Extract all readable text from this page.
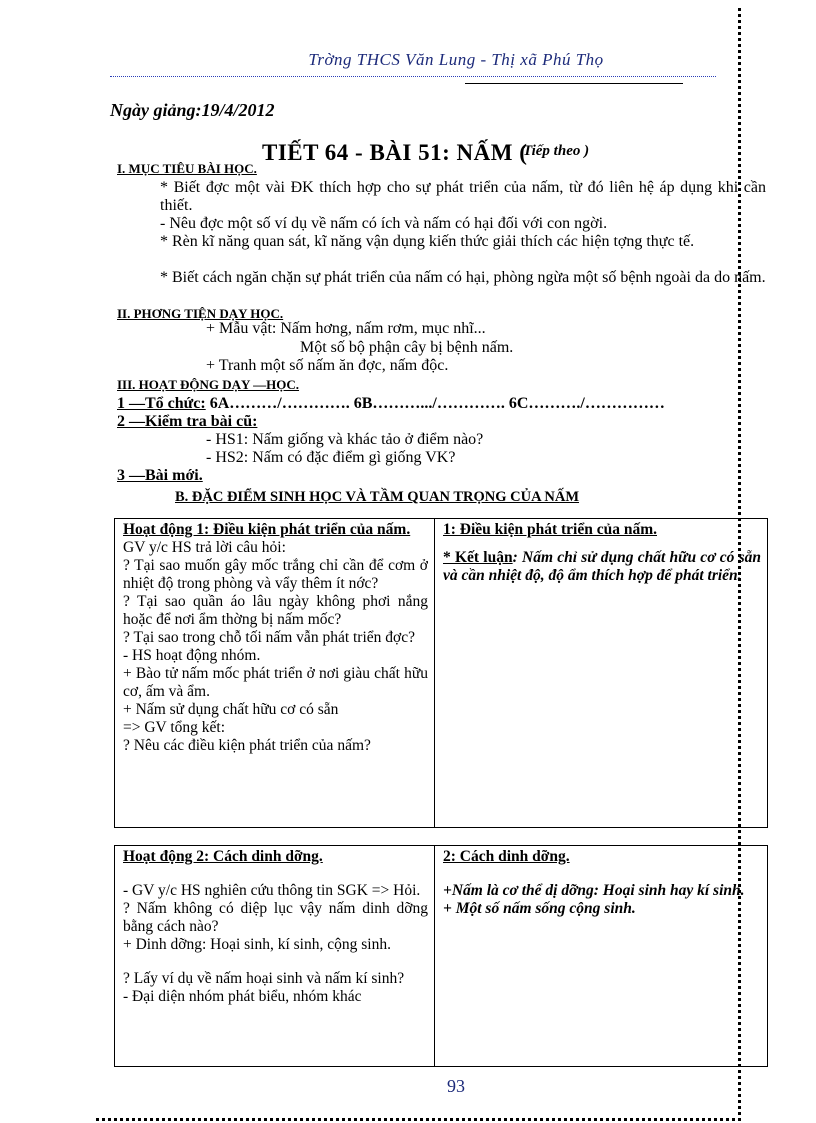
Trờng THCS Văn Lung - Thị xã Phú Thọ
Ngày giảng:19/4/2012
TIẾT 64 - BÀI 51: NẤM (
Tiếp theo )
I. MỤC TIÊU BÀI HỌC.
* Biết đợc một vài ĐK thích hợp cho sự phát triển của nấm, từ đó liên hệ áp dụng khi cần thiết.
- Nêu đợc một số ví dụ về nấm có ích và nấm có hại đối với con ngời.
* Rèn kĩ năng quan sát, kĩ năng vận dụng kiến thức giải thích các hiện tợng thực tế.
* Biết cách ngăn chặn sự phát triển của nấm có hại, phòng ngừa một số bệnh ngoài da do nấm.
II. PHƠNG TIỆN DẠY HỌC.
+ Mẫu vật: Nấm hơng, nấm rơm, mục nhĩ...
Một số bộ phận cây bị bệnh nấm.
+ Tranh một số nấm ăn đợc, nấm độc.
III. HOẠT ĐỘNG DẠY —HỌC.
1 —Tổ chức: 6A………/…………. 6B……….../…………. 6C………./……………
2 —Kiểm tra bài cũ:
- HS1: Nấm giống và khác tảo ở điểm nào?
- HS2: Nấm có đặc điểm gì giống VK?
3 —Bài mới.
B. ĐẶC ĐIỂM SINH HỌC VÀ TẦM QUAN TRỌNG CỦA NẤM
Hoạt động 1: Điều kiện phát triển của nấm.
GV y/c HS trả lời câu hỏi:
? Tại sao muốn gây mốc trắng chỉ cần để cơm ở nhiệt độ trong phòng và vẩy thêm ít nớc?
? Tại sao quần áo lâu ngày không phơi nắng hoặc để nơi ẩm thờng bị nấm mốc?
? Tại sao trong chỗ tối nấm vẫn phát triển đợc?
- HS hoạt động nhóm.
+ Bào tử nấm mốc phát triển ở nơi giàu chất hữu cơ, ấm và ẩm.
+ Nấm sử dụng chất hữu cơ có sẵn
=> GV tổng kết:
? Nêu các điều kiện phát triển của nấm?

1: Điều kiện phát triển của nấm.
* Kết luận: Nấm chỉ sử dụng chất hữu cơ có sẵn và cần nhiệt độ, độ ẩm thích hợp để phát triển.
Hoạt động 2: Cách dinh dỡng.
- GV y/c HS nghiên cứu thông tin SGK => Hỏi.
? Nấm không có diệp lục vậy nấm dinh dỡng bằng cách nào?
+ Dinh dỡng: Hoại sinh, kí sinh, cộng sinh.
? Lấy ví dụ về nấm hoại sinh và nấm kí sinh?
- Đại diện nhóm phát biểu, nhóm khác

2: Cách dinh dỡng.
+Nấm là cơ thể dị dỡng: Hoại sinh hay kí sinh.
+ Một số nấm sống cộng sinh.
93
